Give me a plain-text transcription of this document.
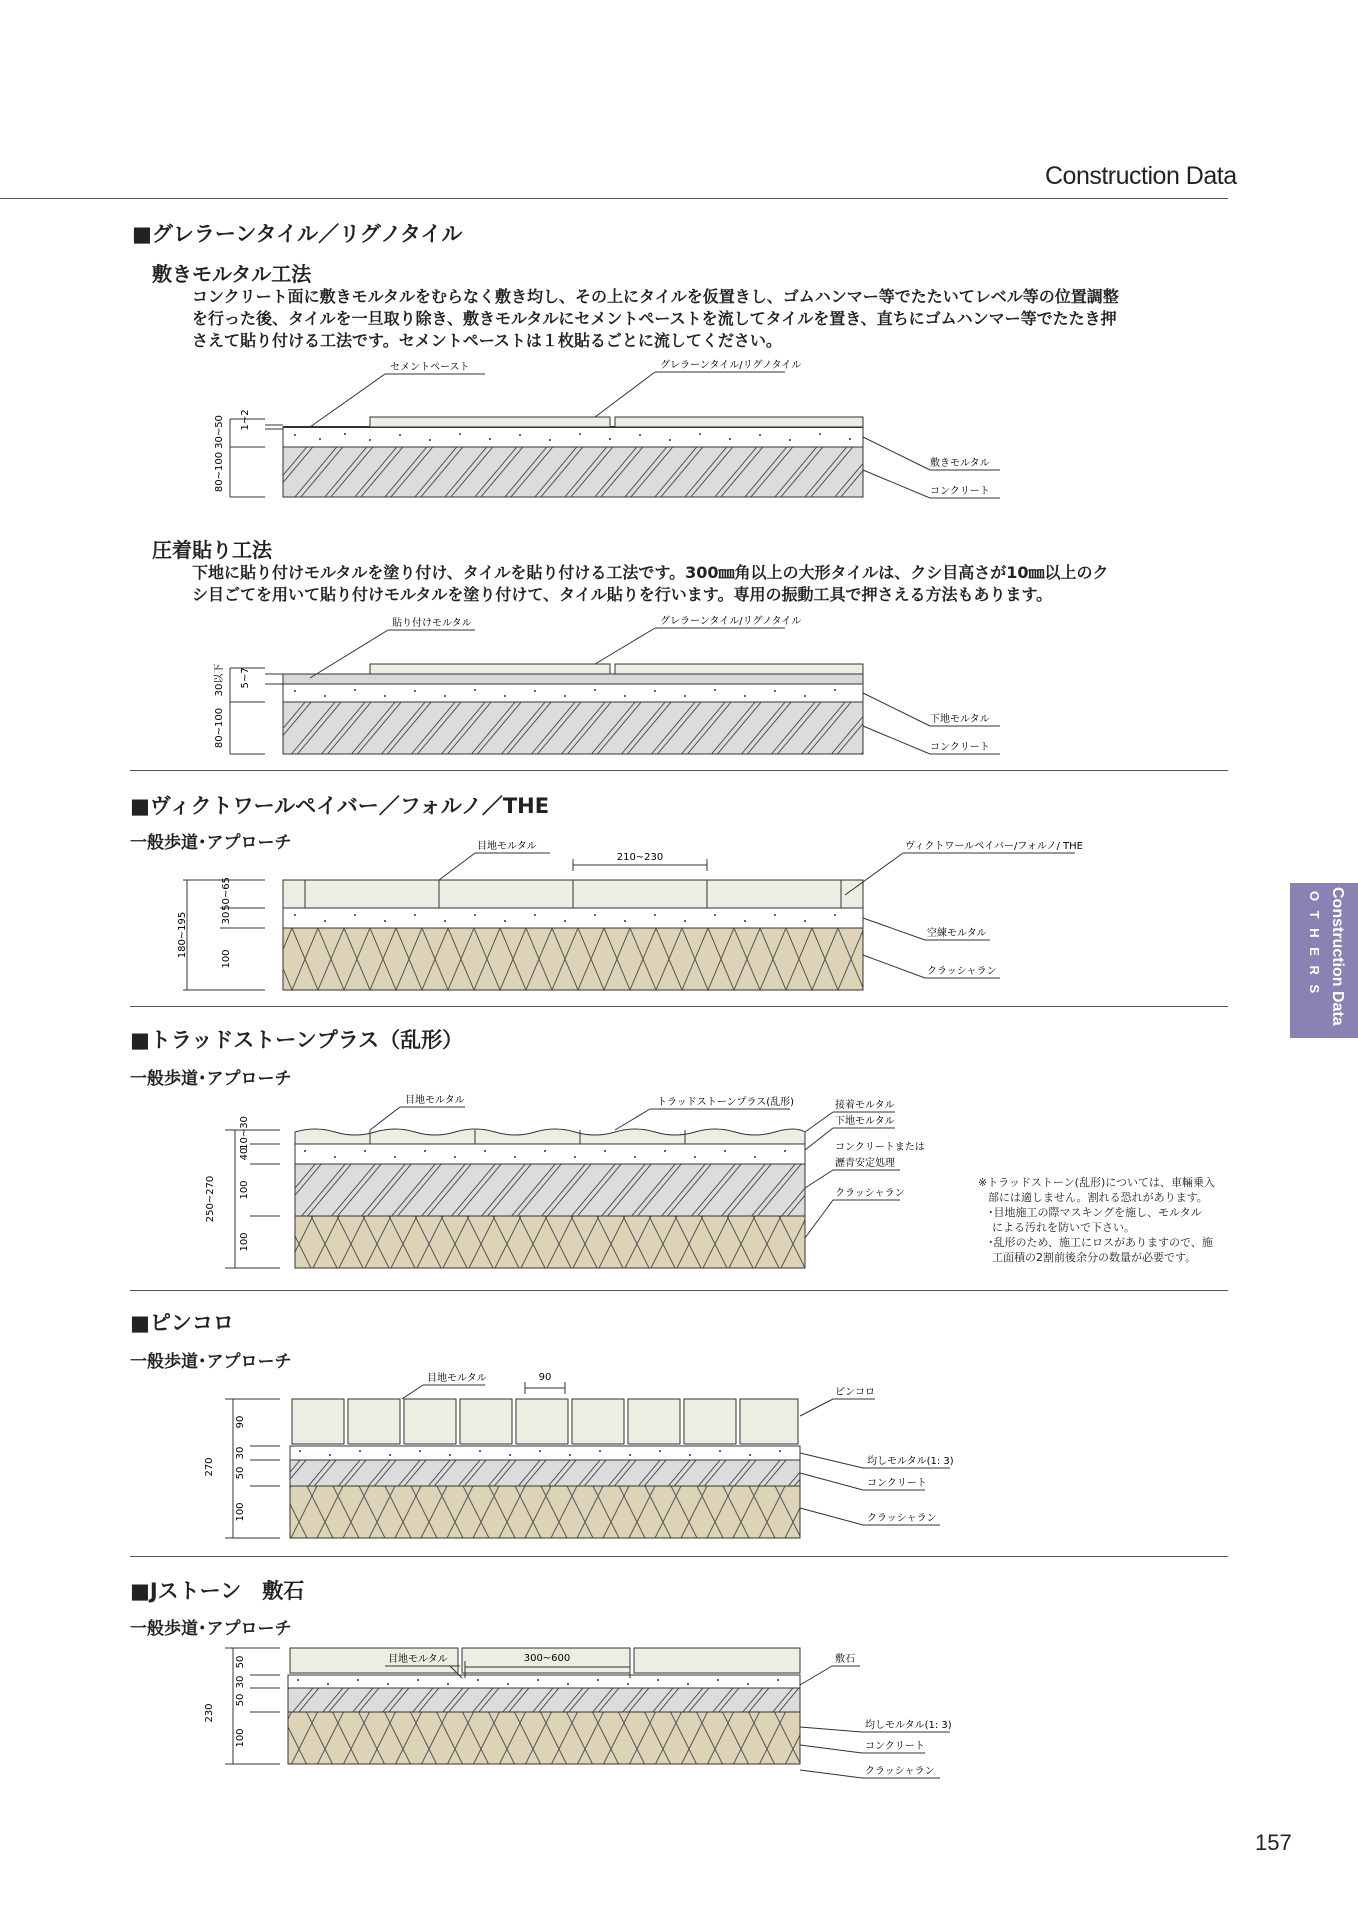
Construction Data
O T H E R S Construction Data
■グレラーンタイル／リグノタイル
敷きモルタル工法
コンクリート面に敷きモルタルをむらなく敷き均し、その上にタイルを仮置きし、ゴムハンマー等でたたいてレベル等の位置調整
を行った後、タイルを一旦取り除き、敷きモルタルにセメントペーストを流してタイルを置き、直ちにゴムハンマー等でたたき押
さえて貼り付ける工法です。セメントペーストは１枚貼るごとに流してください。
30~50 1~2
80~100
セメントペースト	グレラーンタイル/リグノタイル
敷きモルタル
コンクリート
圧着貼り工法
下地に貼り付けモルタルを塗り付け、タイルを貼り付ける工法です。300㎜角以上の大形タイルは、クシ目高さが10㎜以上のク
シ目ごてを用いて貼り付けモルタルを塗り付けて、タイル貼りを行います。専用の振動工具で押さえる方法もあります。
30以下 5~7
80~100
貼り付けモルタル	グレラーンタイル/リグノタイル
下地モルタル
コンクリート
■ヴィクトワールペイバー／フォルノ／THE
一般歩道･アプローチ
180~195
50~65
30
100
目地モルタル
210~230
ヴィクトワールペイバー/フォルノ/ THE
空練モルタル
クラッシャラン
■トラッドストーンプラス（乱形）
一般歩道･アプローチ
250~270
10~30
40
100
100
目地モルタル	トラッドストーンプラス(乱形)	接着モルタル
下地モルタル
コンクリートまたは
瀝青安定処理
クラッシャラン
※トラッドストーン(乱形)については、車輛乗入
部には適しません。割れる恐れがあります。
･目地施工の際マスキングを施し、モルタル
による汚れを防いで下さい。
･乱形のため、施工にロスがありますので、施
工面積の2割前後余分の数量が必要です。
■ピンコロ
一般歩道･アプローチ
270
90
30
50
100
目地モルタル	90
ピンコロ
均しモルタル(1: 3)
コンクリート
クラッシャラン
■Jストーン　敷石
一般歩道･アプローチ
230
50
30
50
100
目地モルタル	300~600	敷石
均しモルタル(1: 3)
コンクリート
クラッシャラン
157
